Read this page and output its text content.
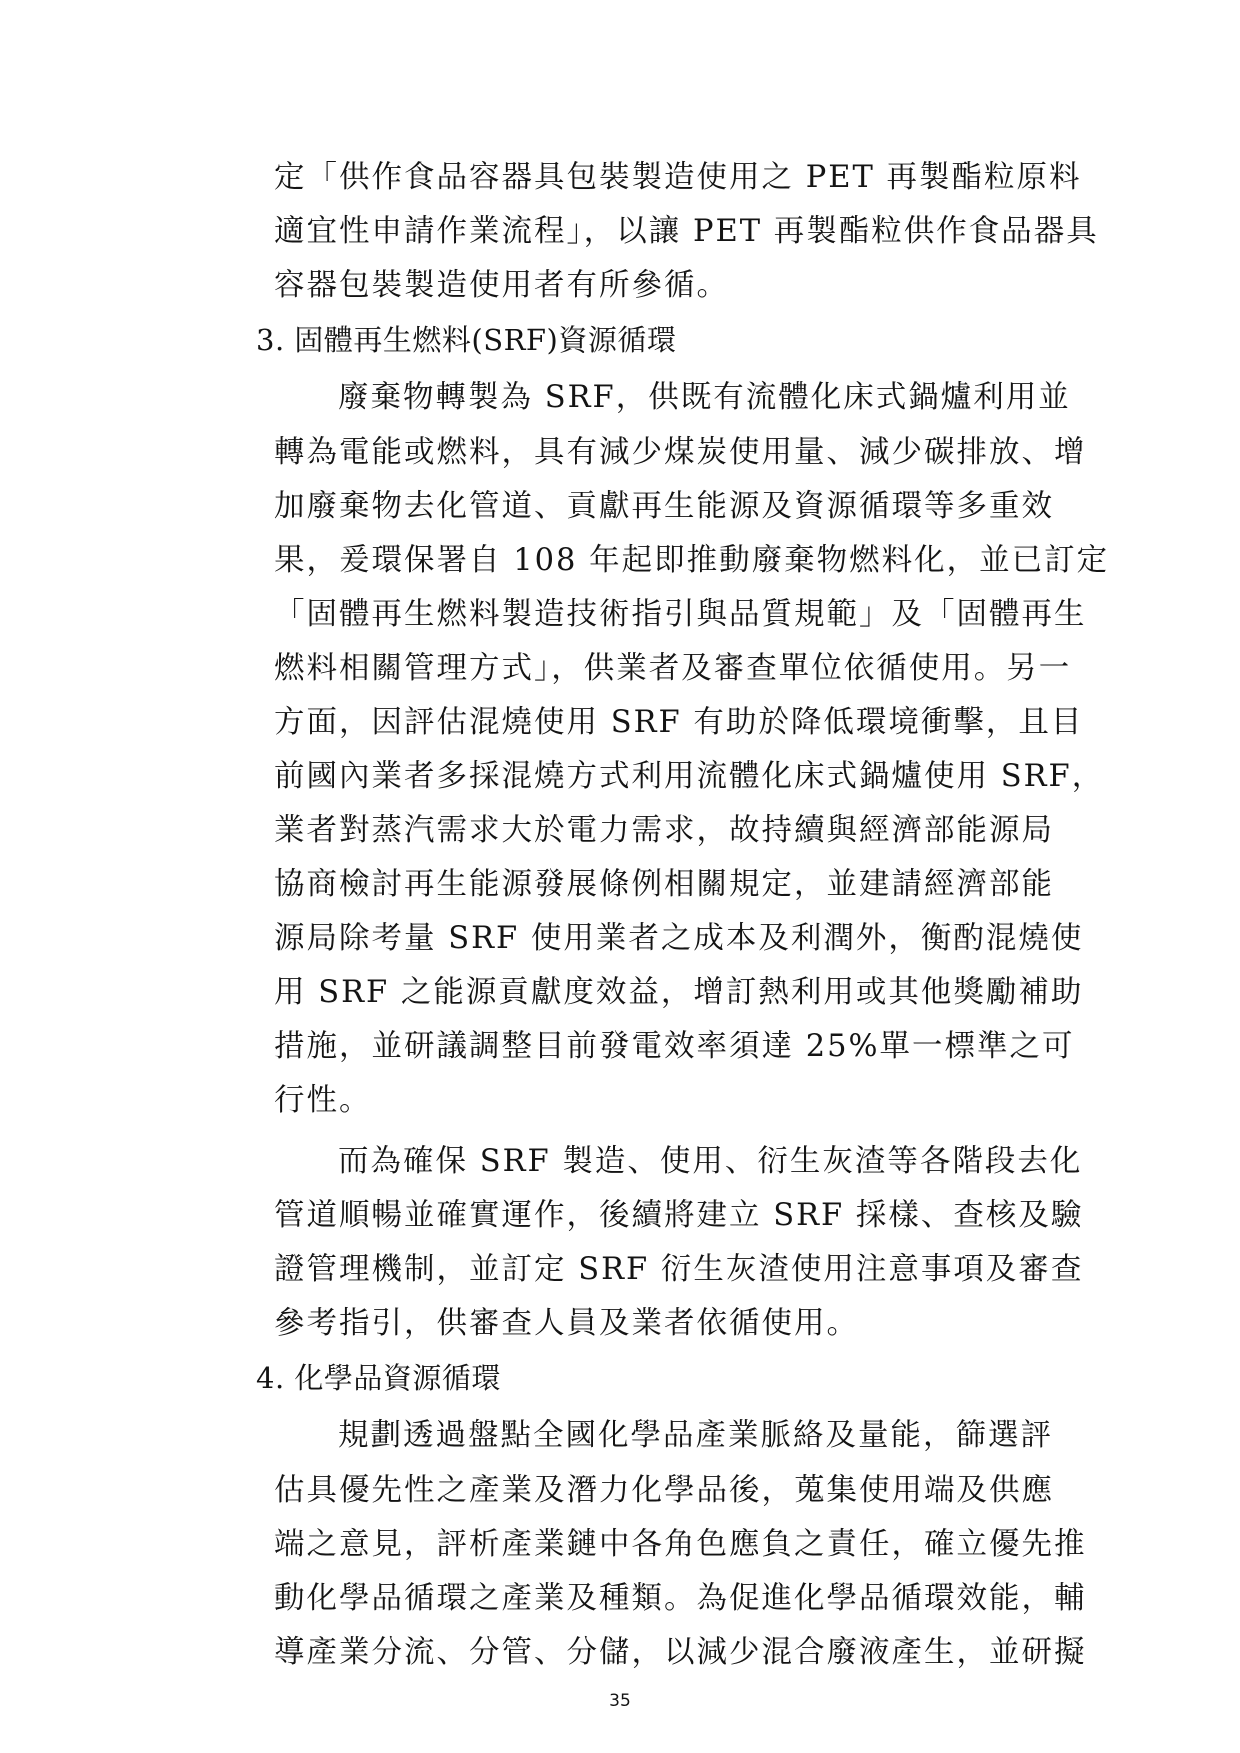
定「供作食品容器具包裝製造使用之 PET 再製酯粒原料
適宜性申請作業流程」，以讓 PET 再製酯粒供作食品器具
容器包裝製造使用者有所參循。
3. 固體再生燃料(SRF)資源循環
廢棄物轉製為 SRF，供既有流體化床式鍋爐利用並
轉為電能或燃料，具有減少煤炭使用量、減少碳排放、增
加廢棄物去化管道、貢獻再生能源及資源循環等多重效
果，爰環保署自 108 年起即推動廢棄物燃料化，並已訂定
「固體再生燃料製造技術指引與品質規範」及「固體再生
燃料相關管理方式」，供業者及審查單位依循使用。另一
方面，因評估混燒使用 SRF 有助於降低環境衝擊，且目
前國內業者多採混燒方式利用流體化床式鍋爐使用 SRF，
業者對蒸汽需求大於電力需求，故持續與經濟部能源局
協商檢討再生能源發展條例相關規定，並建請經濟部能
源局除考量 SRF 使用業者之成本及利潤外，衡酌混燒使
用 SRF 之能源貢獻度效益，增訂熱利用或其他獎勵補助
措施，並研議調整目前發電效率須達 25%單一標準之可
行性。
而為確保 SRF 製造、使用、衍生灰渣等各階段去化
管道順暢並確實運作，後續將建立 SRF 採樣、查核及驗
證管理機制，並訂定 SRF 衍生灰渣使用注意事項及審查
參考指引，供審查人員及業者依循使用。
4. 化學品資源循環
規劃透過盤點全國化學品產業脈絡及量能，篩選評
估具優先性之產業及潛力化學品後，蒐集使用端及供應
端之意見，評析產業鏈中各角色應負之責任，確立優先推
動化學品循環之產業及種類。為促進化學品循環效能，輔
導產業分流、分管、分儲，以減少混合廢液產生，並研擬
35
